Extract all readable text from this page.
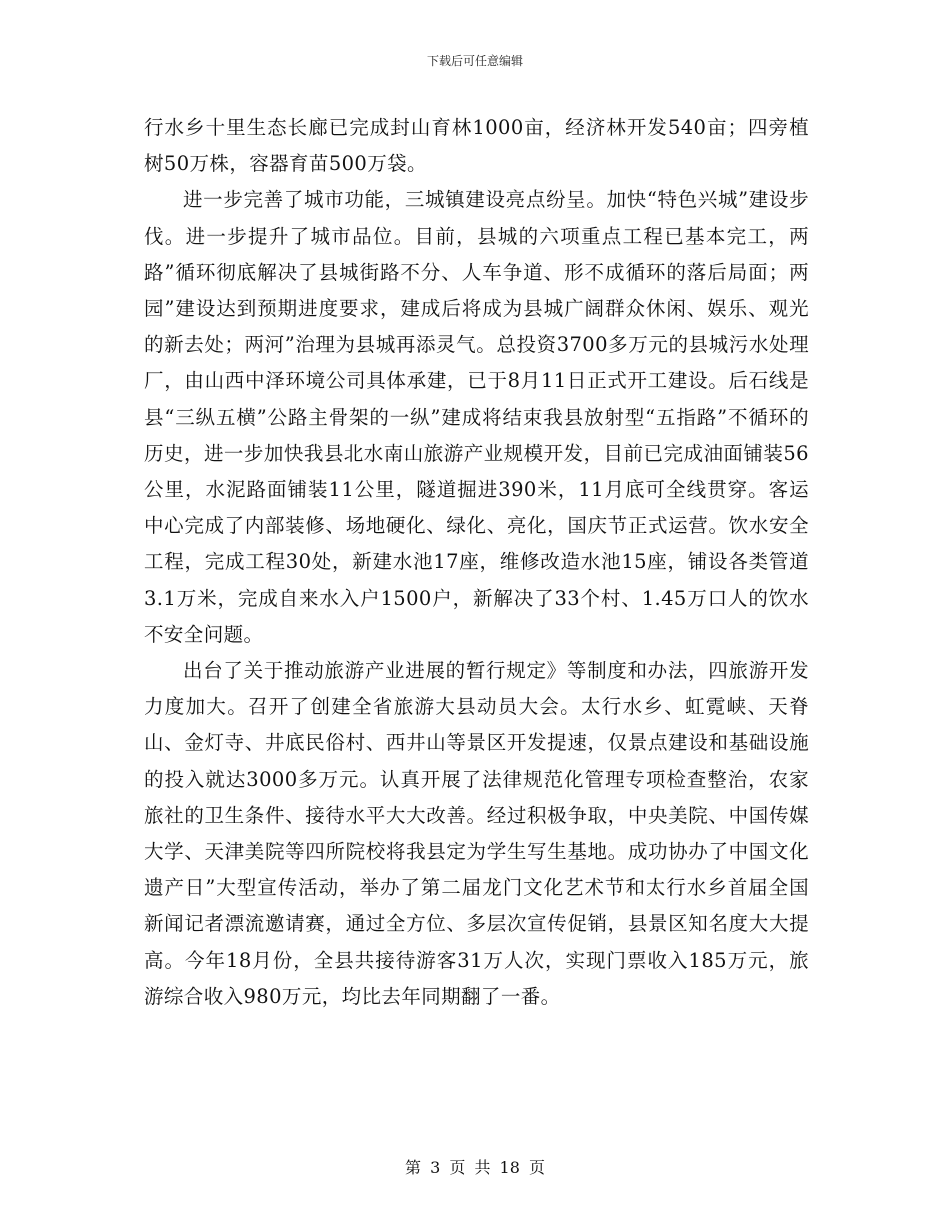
下载后可任意编辑

行水乡十里生态长廊已完成封山育林1000亩，经济林开发540亩；四旁植树50万株，容器育苗500万袋。

进一步完善了城市功能，三城镇建设亮点纷呈。加快“特色兴城”建设步伐。进一步提升了城市品位。目前，县城的六项重点工程已基本完工，两路”循环彻底解决了县城街路不分、人车争道、形不成循环的落后局面；两园”建设达到预期进度要求，建成后将成为县城广阔群众休闲、娱乐、观光的新去处；两河”治理为县城再添灵气。总投资3700多万元的县城污水处理厂，由山西中泽环境公司具体承建，已于8月11日正式开工建设。后石线是县“三纵五横”公路主骨架的一纵”建成将结束我县放射型“五指路”不循环的历史，进一步加快我县北水南山旅游产业规模开发，目前已完成油面铺装56公里，水泥路面铺装11公里，隧道掘进390米，11月底可全线贯穿。客运中心完成了内部装修、场地硬化、绿化、亮化，国庆节正式运营。饮水安全工程，完成工程30处，新建水池17座，维修改造水池15座，铺设各类管道3.1万米，完成自来水入户1500户，新解决了33个村、1.45万口人的饮水不安全问题。

出台了关于推动旅游产业进展的暂行规定》等制度和办法，四旅游开发力度加大。召开了创建全省旅游大县动员大会。太行水乡、虹霓峡、天脊山、金灯寺、井底民俗村、西井山等景区开发提速，仅景点建设和基础设施的投入就达3000多万元。认真开展了法律规范化管理专项检查整治，农家旅社的卫生条件、接待水平大大改善。经过积极争取，中央美院、中国传媒大学、天津美院等四所院校将我县定为学生写生基地。成功协办了中国文化遗产日”大型宣传活动，举办了第二届龙门文化艺术节和太行水乡首届全国新闻记者漂流邀请赛，通过全方位、多层次宣传促销，县景区知名度大大提高。今年18月份，全县共接待游客31万人次，实现门票收入185万元，旅游综合收入980万元，均比去年同期翻了一番。

第 3 页 共 18 页
